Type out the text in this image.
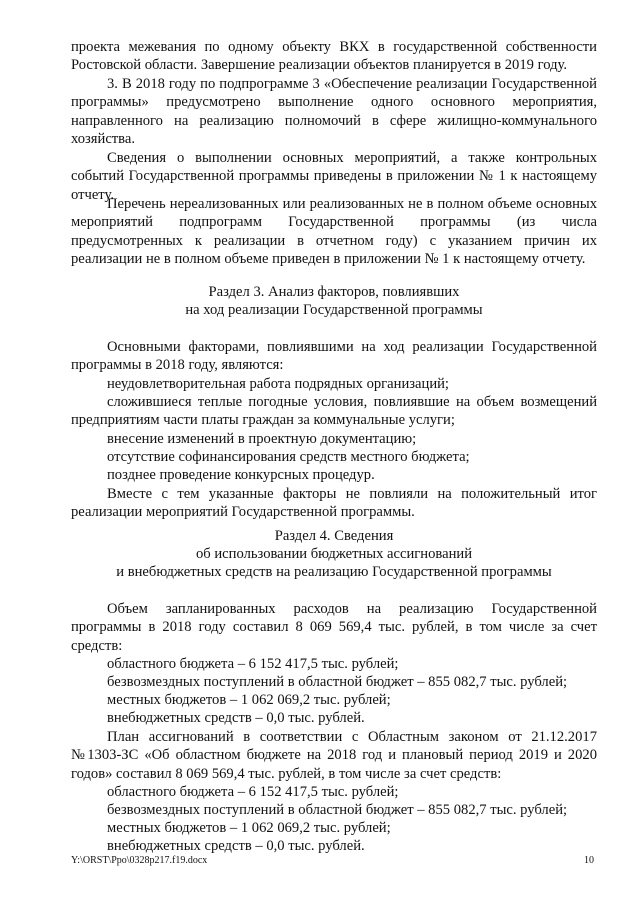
проекта межевания по одному объекту ВКХ в государственной собственности Ростовской области. Завершение реализации объектов планируется в 2019 году.

3. В 2018 году по подпрограмме 3 «Обеспечение реализации Государственной программы» предусмотрено выполнение одного основного мероприятия, направленного на реализацию полномочий в сфере жилищно-коммунального хозяйства.

Сведения о выполнении основных мероприятий, а также контрольных событий Государственной программы приведены в приложении № 1 к настоящему отчету.

Перечень нереализованных или реализованных не в полном объеме основных мероприятий подпрограмм Государственной программы (из числа предусмотренных к реализации в отчетном году) с указанием причин их реализации не в полном объеме приведен в приложении № 1 к настоящему отчету.

Раздел 3. Анализ факторов, повлиявших

на ход реализации Государственной программы

Основными факторами, повлиявшими на ход реализации Государственной программы в 2018 году, являются:

неудовлетворительная работа подрядных организаций;

сложившиеся теплые погодные условия, повлиявшие на объем возмещений предприятиям части платы граждан за коммунальные услуги;

внесение изменений в проектную документацию;

отсутствие софинансирования средств местного бюджета;

позднее проведение конкурсных процедур.

Вместе с тем указанные факторы не повлияли на положительный итог реализации мероприятий Государственной программы.

Раздел 4. Сведения

об использовании бюджетных ассигнований

и внебюджетных средств на реализацию Государственной программы

Объем запланированных расходов на реализацию Государственной программы в 2018 году составил 8 069 569,4 тыс. рублей, в том числе за счет средств:

областного бюджета – 6 152 417,5 тыс. рублей;

безвозмездных поступлений в областной бюджет – 855 082,7 тыс. рублей;

местных бюджетов – 1 062 069,2 тыс. рублей;

внебюджетных средств – 0,0 тыс. рублей.

План ассигнований в соответствии с Областным законом от 21.12.2017 №1303-ЗС «Об областном бюджете на 2018 год и плановый период 2019 и 2020 годов» составил 8 069 569,4 тыс. рублей, в том числе за счет средств:

областного бюджета – 6 152 417,5 тыс. рублей;

безвозмездных поступлений в областной бюджет – 855 082,7 тыс. рублей;

местных бюджетов – 1 062 069,2 тыс. рублей;

внебюджетных средств – 0,0 тыс. рублей.

Y:\ORST\Ppo\0328p217.f19.docx	10
